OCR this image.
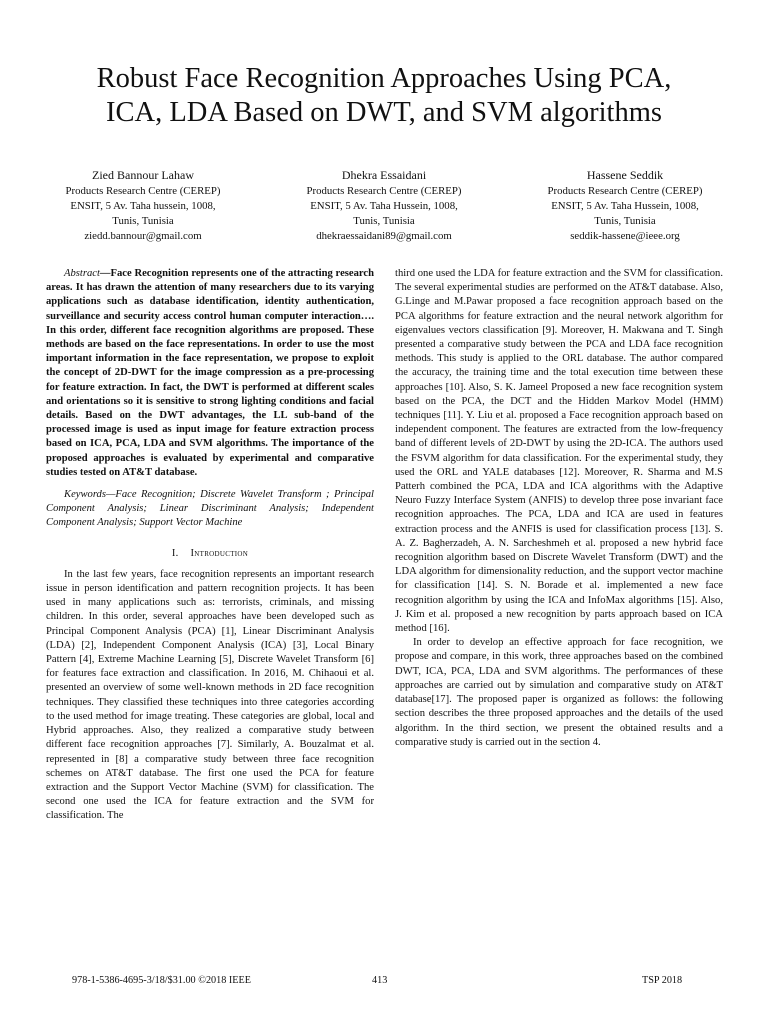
Robust Face Recognition Approaches Using PCA,
ICA, LDA Based on DWT, and SVM algorithms
Zied Bannour Lahaw
Products Research Centre (CEREP)
ENSIT, 5 Av. Taha hussein, 1008,
Tunis, Tunisia
ziedd.bannour@gmail.com
Dhekra Essaidani
Products Research Centre (CEREP)
ENSIT, 5 Av. Taha Hussein, 1008,
Tunis, Tunisia
dhekraessaidani89@gmail.com
Hassene Seddik
Products Research Centre (CEREP)
ENSIT, 5 Av. Taha Hussein, 1008,
Tunis, Tunisia
seddik-hassene@ieee.org

Abstract—Face Recognition represents one of the attracting research areas. It has drawn the attention of many researchers due to its varying applications such as database identification, identity authentication, surveillance and security access control human computer interaction…. In this order, different face recognition algorithms are proposed. These methods are based on the face representations. In order to use the most important information in the face representation, we propose to exploit the concept of 2D-DWT for the image compression as a pre-processing for feature extraction. In fact, the DWT is performed at different scales and orientations so it is sensitive to strong lighting conditions and facial details. Based on the DWT advantages, the LL sub-band of the processed image is used as input image for feature extraction process based on ICA, PCA, LDA and SVM algorithms. The importance of the proposed approaches is evaluated by experimental and comparative studies tested on AT&T database.

Keywords—Face Recognition; Discrete Wavelet Transform ; Principal Component Analysis; Linear Discriminant Analysis; Independent Component Analysis; Support Vector Machine

I. Introduction

In the last few years, face recognition represents an important research issue in person identification and pattern recognition projects. It has been used in many applications such as: terrorists, criminals, and missing children. In this order, several approaches have been developed such as Principal Component Analysis (PCA) [1], Linear Discriminant Analysis (LDA) [2], Independent Component Analysis (ICA) [3], Local Binary Pattern [4], Extreme Machine Learning [5], Discrete Wavelet Transform [6] for features face extraction and classification. In 2016, M. Chihaoui et al. presented an overview of some well-known methods in 2D face recognition techniques. They classified these techniques into three categories according to the used method for image treating. These categories are global, local and Hybrid approaches. Also, they realized a comparative study between different face recognition approaches [7]. Similarly, A. Bouzalmat et al. represented in [8] a comparative study between three face recognition schemes on AT&T database. The first one used the PCA for feature extraction and the Support Vector Machine (SVM) for classification. The second one used the ICA for feature extraction and the SVM for classification. The

third one used the LDA for feature extraction and the SVM for classification. The several experimental studies are performed on the AT&T database. Also, G.Linge and M.Pawar proposed a face recognition approach based on the PCA algorithms for feature extraction and the neural network algorithm for eigenvalues vectors classification [9]. Moreover, H. Makwana and T. Singh presented a comparative study between the PCA and LDA face recognition methods. This study is applied to the ORL database. The author compared the accuracy, the training time and the total execution time between these approaches [10]. Also, S. K. Jameel Proposed a new face recognition system based on the PCA, the DCT and the Hidden Markov Model (HMM) techniques [11]. Y. Liu et al. proposed a Face recognition approach based on independent component. The features are extracted from the low-frequency band of different levels of 2D-DWT by using the 2D-ICA. The authors used the FSVM algorithm for data classification. For the experimental study, they used the ORL and YALE databases [12]. Moreover, R. Sharma and M.S Patterh combined the PCA, LDA and ICA algorithms with the Adaptive Neuro Fuzzy Interface System (ANFIS) to develop three pose invariant face recognition approaches. The PCA, LDA and ICA are used in features extraction process and the ANFIS is used for classification process [13]. S. A. Z. Bagherzadeh, A. N. Sarcheshmeh et al. proposed a new hybrid face recognition algorithm based on Discrete Wavelet Transform (DWT) and the LDA algorithm for dimensionality reduction, and the support vector machine for classification [14]. S. N. Borade et al. implemented a new face recognition algorithm by using the ICA and InfoMax algorithms [15]. Also, J. Kim et al. proposed a new recognition by parts approach based on ICA method [16].

In order to develop an effective approach for face recognition, we propose and compare, in this work, three approaches based on the combined DWT, ICA, PCA, LDA and SVM algorithms. The performances of these approaches are carried out by simulation and comparative study on AT&T database[17]. The proposed paper is organized as follows: the following section describes the three proposed approaches and the details of the used algorithm. In the third section, we present the obtained results and a comparative study is carried out in the section 4.

978-1-5386-4695-3/18/$31.00 ©2018 IEEE	413	TSP 2018
